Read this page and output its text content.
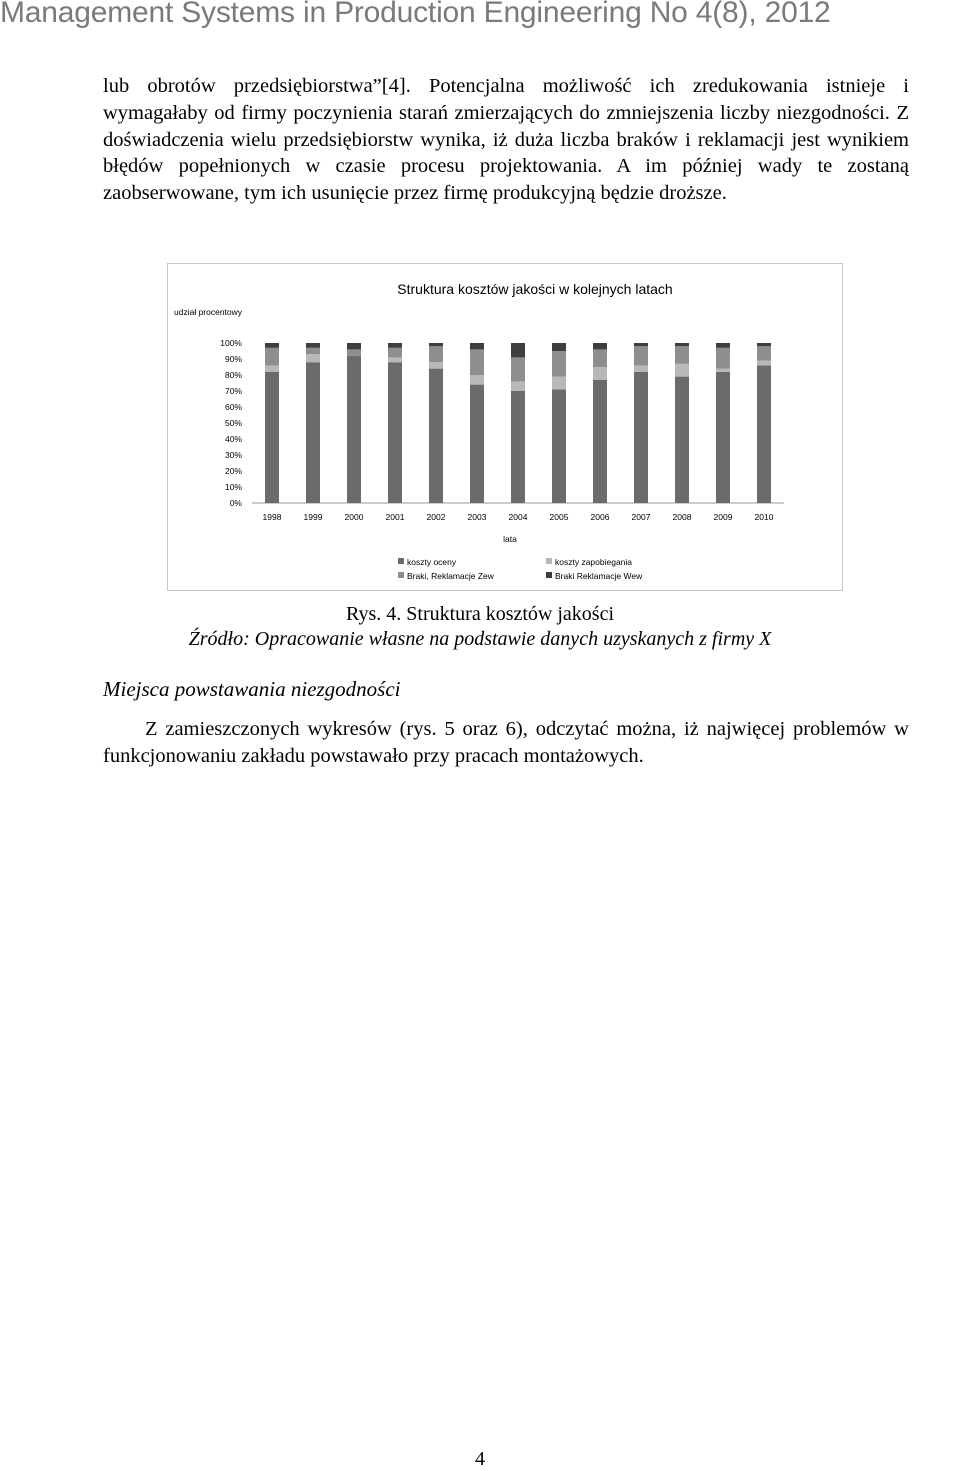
Management Systems in Production Engineering No 4(8), 2012

lub obrotów przedsiębiorstwa”[4]. Potencjalna możliwość ich zredukowania istnieje i wymagałaby od firmy poczynienia starań zmierzających do zmniejszenia liczby niezgodności. Z doświadczenia wielu przedsiębiorstw wynika, iż duża liczba braków i reklamacji jest wynikiem błędów popełnionych w czasie procesu projektowania. A im później wady te zostaną zaobserwowane, tym ich usunięcie przez firmę produkcyjną będzie droższe.

Struktura kosztów jakości w kolejnych latach
udział procentowy
lata
0%
10%
20%
30%
40%
50%
60%
70%
80%
90%
100%
1998	1999	2000	2001	2002	2003	2004	2005	2006	2007	2008	2009	2010
koszty oceny	koszty zapobiegania
Braki, Reklamacje Zew	Braki Reklamacje Wew
Rys. 4. Struktura kosztów jakości
Źródło: Opracowanie własne na podstawie danych uzyskanych z firmy X
Miejsca powstawania niezgodności

Z zamieszczonych wykresów (rys. 5 oraz 6), odczytać można, iż najwięcej problemów w funkcjonowaniu zakładu powstawało przy pracach montażowych.

4
